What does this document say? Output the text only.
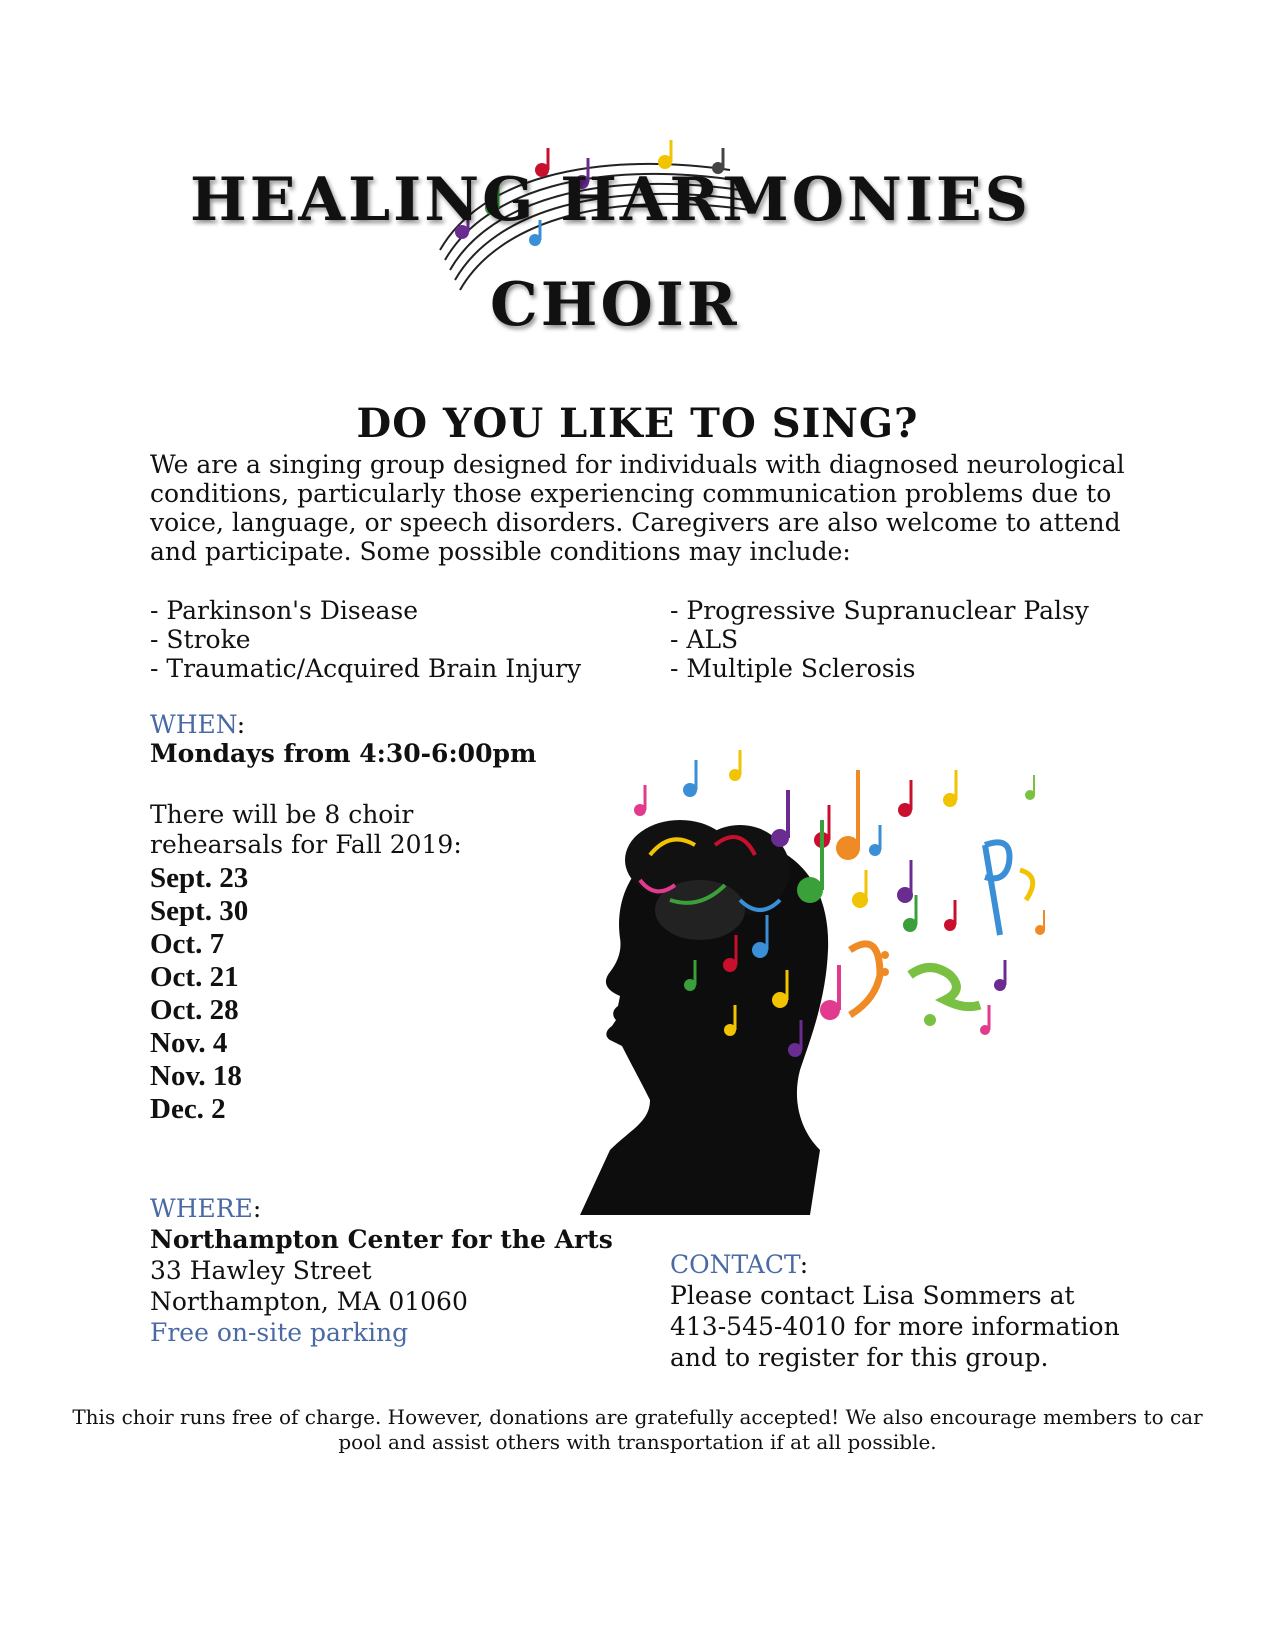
HEALING HARMONIES
CHOIR
DO YOU LIKE TO SING?
We are a singing group designed for individuals with diagnosed neurological conditions, particularly those experiencing communication problems due to voice, language, or speech disorders. Caregivers are also welcome to attend and participate. Some possible conditions may include:
- Parkinson's Disease
- Stroke
- Traumatic/Acquired Brain Injury
- Progressive Supranuclear Palsy
- ALS
- Multiple Sclerosis
WHEN:
Mondays from 4:30-6:00pm
There will be 8 choir rehearsals for Fall 2019:
Sept. 23
Sept. 30
Oct. 7
Oct. 21
Oct. 28
Nov. 4
Nov. 18
Dec. 2
WHERE:
Northampton Center for the Arts
33 Hawley Street
Northampton, MA 01060
Free on-site parking
CONTACT:
Please contact Lisa Sommers at 413-545-4010 for more information and to register for this group.
This choir runs free of charge. However, donations are gratefully accepted! We also encourage members to car pool and assist others with transportation if at all possible.
